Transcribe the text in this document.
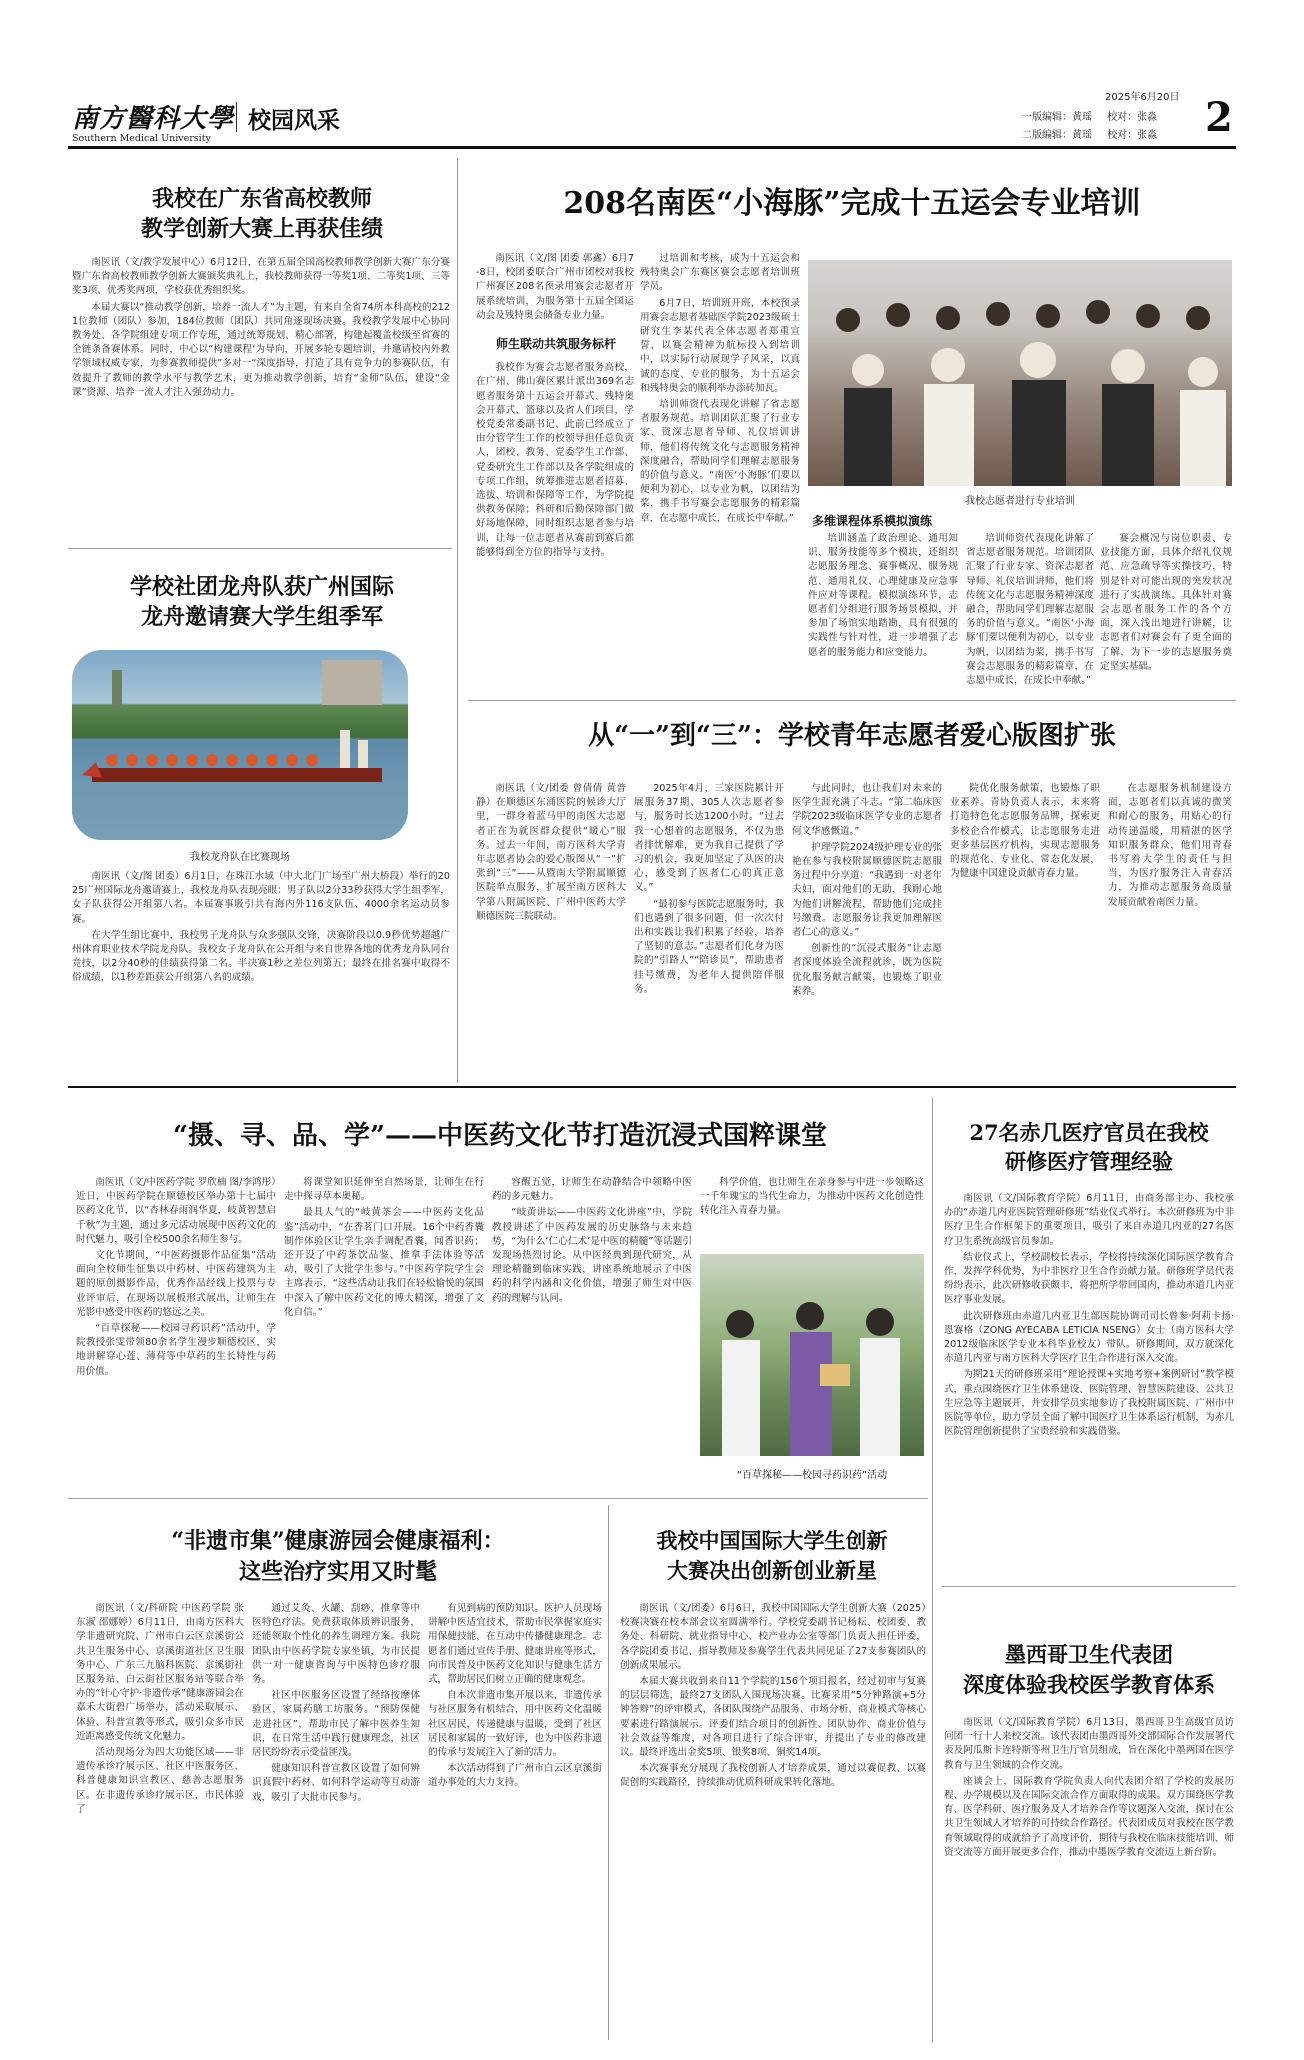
南方醫科大學
Southern Medical University
校园风采
2025年6月20日
一版编辑：黄瑶 校对：张淼
二版编辑：黄瑶 校对：张淼 2
我校在广东省高校教师
教学创新大赛上再获佳绩

南医讯（文/教学发展中心）6月12日，在第五届全国高校教师教学创新大赛广东分赛暨广东省高校教师教学创新大赛颁奖典礼上，我校教师获得一等奖1项、二等奖1项、三等奖3项、优秀奖两项，学校获优秀组织奖。

本届大赛以“推动教学创新，培养一流人才”为主题，有来自全省74所本科高校的2121位教师（团队）参加，184位教师（团队）共同角逐现场决赛。我校教学发展中心协同教务处、各学院组建专项工作专班，通过统筹规划、精心部署，构建起覆盖校级至省赛的全链条备赛体系。同时，中心以“构建课程‘为导向，开展多轮专题培训，并邀请校内外教学领域权威专家，为参赛教师提供”多对一“深度指导，打造了具有竞争力的参赛队伍，有效提升了教师的教学水平与教学艺术，更为推动教学创新，培育“金师”队伍，建设“金课”资源、培养一流人才注入强劲动力。

学校社团龙舟队获广州国际
龙舟邀请赛大学生组季军
我校龙舟队在比赛现场

南医讯（文/图 团委）6月1日，在珠江水域（中大北门广场至广州大桥段）举行的2025广州国际龙舟邀请赛上，我校龙舟队表现亮眼：男子队以2分33秒获得大学生组季军，女子队获得公开组第八名。本届赛事吸引共有海内外116支队伍、4000余名运动员参赛。

在大学生组比赛中，我校男子龙舟队与众多强队交锋，决赛阶段以0.9秒优势超越广州体育职业技术学院龙舟队。我校女子龙舟队在公开组与来自世界各地的优秀龙舟队同台竞技，以2分40秒的佳绩获得第二名。半决赛1秒之差位列第五；最终在排名赛中取得不俗成绩，以1秒差距获公开组第八名的成绩。

208名南医“小海豚”完成十五运会专业培训

南医讯（文/图 团委 郭鑫）6月7-8日，校团委联合广州市团校对我校广州赛区208名预录用赛会志愿者开展系统培训，为服务第十五届全国运动会及残特奥会储备专业力量。

师生联动共筑服务标杆

我校作为赛会志愿者服务高校，在广州、佛山赛区累计派出369名志愿者服务第十五运会开幕式、残特奥会开幕式、篮球以及省人们项目，学校党委常委副书记、此前已经成立了由分管学生工作的校领导担任总负责人，团校、教务、党委学生工作部、党委研究生工作部以及各学院组成的专项工作组，统筹推进志愿者招募、选拔、培训和保障等工作，为学院提供教务保障；科研和后勤保障部门做好场地保障，同时组织志愿者参与培训，让每一位志愿者从赛前到赛后都能够得到全方位的指导与支持。

过培训和考核，成为十五运会和残特奥会广东赛区赛会志愿者培训班学员。

6月7日，培训班开班，本校预录用赛会志愿者基础医学院2023级硕士研究生李某代表全体志愿者郑重宣誓，以赛会精神为航标投入到培训中，以实际行动展现学子风采，以真诚的态度、专业的服务，为十五运会和残特奥会的顺利举办添砖加瓦。

培训师资代表现化讲解了省志愿者服务规范。培训团队汇聚了行业专家、资深志愿者导师、礼仪培训讲师，他们将传统文化与志愿服务精神深度融合，帮助同学们理解志愿服务的价值与意义。“南医‘小海豚’们要以便利为初心，以专业为帆，以团结为桨，携手书写赛会志愿服务的精彩篇章，在志愿中成长，在成长中奉献。”

我校志愿者进行专业培训
多维课程体系模拟演练

培训涵盖了政治理论、通用知识、服务技能等多个模块，还组织志愿服务理念、赛事概况、服务规范、通用礼仪、心理健康及应急事件应对等课程。模拟演练环节，志愿者们分组进行服务场景模拟，并参加了场馆实地踏勘，具有很强的实践性与针对性，进一步增强了志愿者的服务能力和应变能力。

培训师资代表现化讲解了省志愿者服务规范。培训团队汇聚了行业专家、资深志愿者导师、礼仪培训讲师，他们将传统文化与志愿服务精神深度融合，帮助同学们理解志愿服务的价值与意义。“南医‘小海豚’们要以便利为初心，以专业为帆，以团结为桨，携手书写赛会志愿服务的精彩篇章，在志愿中成长，在成长中奉献。”

赛会概况与岗位职责、专业技能方面，具体介绍礼仪规范、应急疏导等实操技巧，特别是针对可能出现的突发状况进行了实战演练。具体针对赛会志愿者服务工作的各个方面，深入浅出地进行讲解，让志愿者们对赛会有了更全面的了解，为下一步的志愿服务奠定坚实基础。

从“一”到“三”：学校青年志愿者爱心版图扩张

南医讯（文/团委 曾倩倩 黄普静）在顺德区东涌医院的候诊大厅里，一群身着蓝马甲的南医大志愿者正在为就医群众提供“暖心”服务。过去一年间，南方医科大学青年志愿者协会的爱心版图从“一”扩张到“三”——从暨南大学附属顺德医院单点服务，扩展至南方医科大学第八附属医院、广州中医药大学顺德医院三院联动。

2025年4月，三家医院累计开展服务37期、305人次志愿者参与，服务时长达1200小时。“过去我一心想着的志愿服务，不仅为患者排忧解难，更为我自己提供了学习的机会，我更加坚定了从医的决心，感受到了医者仁心的真正意义。”

“最初参与医院志愿服务时，我们也遇到了很多问题，但一次次付出和实践让我们积累了经验，培养了坚韧的意志。”志愿者们化身为医院的“引路人”“陪诊员”，帮助患者挂号缴费，为老年人提供陪伴服务。

与此同时，也让我们对未来的医学生涯充满了斗志。“第二临床医学院2023级临床医学专业的志愿者何文华感慨道。”

护理学院2024级护理专业的张艳在参与我校附属顺德医院志愿服务过程中分享道：“我遇到一对老年夫妇，面对他们的无助，我耐心地为他们讲解流程，帮助他们完成挂号缴费。志愿服务让我更加理解医者仁心的意义。”

创新性的“沉浸式服务”让志愿者深度体验全流程就诊，既为医院优化服务献言献策，也锻炼了职业素养。

院优化服务献策，也锻炼了职业素养。青协负责人表示，未来将打造特色化志愿服务品牌，探索更多校企合作模式，让志愿服务走进更多基层医疗机构，实现志愿服务的规范化、专业化、常态化发展，为健康中国建设贡献青春力量。

在志愿服务机制建设方面，志愿者们以真诚的微笑和耐心的服务，用贴心的行动传递温暖，用精湛的医学知识服务群众，他们用青春书写着大学生的责任与担当，为医疗服务注入青春活力，为推动志愿服务高质量发展贡献着南医力量。

“摄、寻、品、学”——中医药文化节打造沉浸式国粹课堂

南医讯（文/中医药学院 罗欣楠 图/李鸿彤）近日，中医药学院在顺德校区举办第十七届中医药文化节，以“杏林春雨润华夏，岐黄智慧启千秋”为主题，通过多元活动展现中医药文化的时代魅力，吸引全校500余名师生参与。

文化节期间，“中医药摄影作品征集”活动面向全校师生征集以中药材、中医药建筑为主题的原创摄影作品，优秀作品经线上投票与专业评审后，在现场以展板形式展出，让师生在光影中感受中医药的悠远之美。

“百草探秘——校园寻药识药”活动中，学院教授张雯带领80余名学生漫步顺德校区，实地讲解穿心莲、薄荷等中草药的生长特性与药用价值。

将课堂知识延伸至自然场景，让师生在行走中探寻草本奥秘。

最具人气的“岐黄茶会——中医药文化品鉴”活动中，“在香茗门口开展。16个中药香囊制作体验区让学生亲手调配香囊，闻香识药；还开设了中药茶饮品鉴、推拿手法体验等活动，吸引了大批学生参与。”中医药学院学生会主席表示，“这些活动让我们在轻松愉悦的氛围中深入了解中医药文化的博大精深，增强了文化自信。”

容醒五觉，让师生在动静结合中领略中医药的多元魅力。

“岐黄讲坛——中医药文化讲座”中，学院教授讲述了中医药发展的历史脉络与未来趋势，“为什么‘仁心仁术’是中医的精髓”等话题引发现场热烈讨论。从中医经典到现代研究，从理论精髓到临床实践，讲座系统地展示了中医药的科学内涵和文化价值，增强了师生对中医药的理解与认同。

科学价值，也让师生在亲身参与中进一步领略这一千年瑰宝的当代生命力，为推动中医药文化创造性转化注入青春力量。

“百草探秘——校园寻药识药”活动
27名赤几医疗官员在我校
研修医疗管理经验

南医讯（文/国际教育学院）6月11日，由商务部主办、我校承办的“赤道几内亚医院管理研修班”结业仪式举行。本次研修班为中非医疗卫生合作框架下的重要项目，吸引了来自赤道几内亚的27名医疗卫生系统高级官员参加。

结业仪式上，学校副校长表示，学校将持续深化国际医学教育合作，发挥学科优势，为中非医疗卫生合作贡献力量。研修班学员代表纷纷表示，此次研修收获颇丰，将把所学带回国内，推动赤道几内亚医疗事业发展。

此次研修班由赤道几内亚卫生部医院协调司司长曾参·阿莉卡扬·恩赛格（ZONG AYECABA LETICIA NSENG）女士（南方医科大学2012级临床医学专业本科毕业校友）带队。研修期间，双方就深化赤道几内亚与南方医科大学医疗卫生合作进行深入交流。

为期21天的研修班采用“理论授课+实地考察+案例研讨”教学模式，重点围绕医疗卫生体系建设、医院管理、智慧医院建设、公共卫生应急等主题展开，并安排学员实地参访了我校附属医院、广州市中医院等单位，助力学员全面了解中国医疗卫生体系运行机制，为赤几医院管理创新提供了宝贵经验和实践借鉴。

“非遗市集”健康游园会健康福利：
这些治疗实用又时髦

南医讯（文/科研院 中医药学院 张东淑 邵娜婷）6月11日，由南方医科大学非遗研究院、广州市白云区京溪街公共卫生服务中心、京溪街道社区卫生服务中心、广东三九脑科医院、京溪街社区服务站、白云街社区服务站等联合举办的“针心守护·非遗传承”健康游园会在嘉禾大街碧广场举办，活动采取展示、体验、科普宣教等形式，吸引众多市民近距离感受传统文化魅力。

活动现场分为四大功能区域——非遗传承诊疗展示区、社区中医服务区、科普健康知识宣教区、慈善志愿服务区。在非遗传承诊疗展示区，市民体验了

通过艾灸、火罐、刮痧、推拿等中医特色疗法。免费获取体质辨识服务，还能领取个性化的养生调理方案。我院团队由中医药学院专家坐镇，为市民提供一对一健康咨询与中医特色诊疗服务。

社区中医服务区设置了经络按摩体验区，家属药膳工坊服务。“预防保健走进社区”，帮助市民了解中医养生知识，在日常生活中践行健康理念，社区居民纷纷表示受益匪浅。

健康知识科普宣教区设置了如何辨识真假中药材、如何科学运动等互动游戏，吸引了大批市民参与。

有见到病的预防知识。医护人员现场讲解中医适宜技术，帮助市民掌握家庭实用保健技能，在互动中传播健康理念。志愿者们通过宣传手册、健康讲座等形式，向市民普及中医药文化知识与健康生活方式，帮助居民们树立正确的健康观念。

自本次非遗市集开展以来，非遗传承与社区服务有机结合，用中医药文化温暖社区居民，传递健康与温暖，受到了社区居民和家属的一致好评，也为中医药非遗的传承与发展注入了新的活力。

本次活动得到了广州市白云区京溪街道办事处的大力支持。

我校中国国际大学生创新
大赛决出创新创业新星

南医讯（文/团委）6月6日，我校中国国际大学生创新大赛（2025）校赛决赛在校本部会议室圆满举行。学校党委副书记杨耘、校团委、教务处、科研院、就业指导中心、校产业办公室等部门负责人担任评委，各学院团委书记、指导教师及参赛学生代表共同见证了27支参赛团队的创新成果展示。

本届大赛共收到来自11个学院的156个项目报名，经过初审与复赛的层层筛选，最终27支团队入围现场决赛。比赛采用“5分钟路演+5分钟答辩”的评审模式，各团队围绕产品服务、市场分析、商业模式等核心要素进行路演展示。评委们结合项目的创新性、团队协作、商业价值与社会效益等维度，对各项目进行了综合评审，并提出了专业的修改建议。最终评选出金奖5项、银奖8项、铜奖14项。

本次赛事充分展现了我校创新人才培养成果，通过以赛促教、以赛促创的实践路径，持续推动优质科研成果转化落地。

墨西哥卫生代表团
深度体验我校医学教育体系

南医讯（文/国际教育学院）6月13日，墨西哥卫生高级官员访问团一行十人来校交流。该代表团由墨西哥外交部国际合作发展署代表及阿瓜斯卡连特斯等州卫生厅官员组成，旨在深化中墨两国在医学教育与卫生领域的合作交流。

座谈会上，国际教育学院负责人向代表团介绍了学校的发展历程、办学规模以及在国际交流合作方面取得的成果。双方围绕医学教育、医学科研、医疗服务及人才培养合作等议题深入交流，探讨在公共卫生领域人才培养的可持续合作路径。代表团成员对我校在医学教育领域取得的成就给予了高度评价，期待与我校在临床技能培训、师资交流等方面开展更多合作，推动中墨医学教育交流迈上新台阶。
